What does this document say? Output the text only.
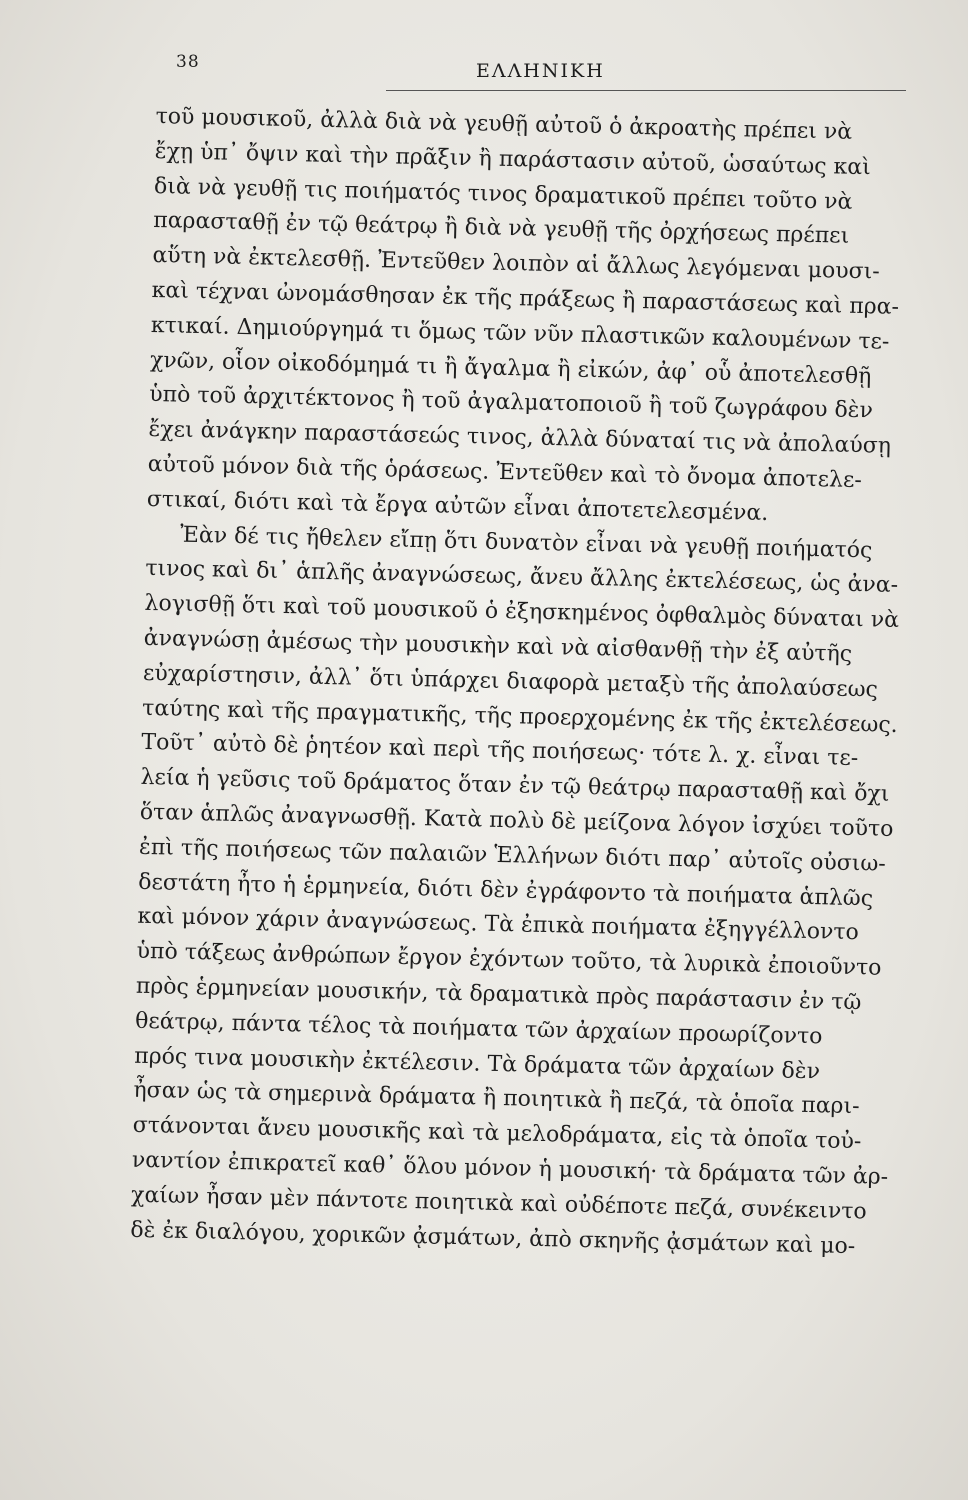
38	ΕΛΛΗΝΙΚΗ
τοῦ μουσικοῦ, ἀλλὰ διὰ νὰ γευθῇ αὐτοῦ ὁ ἀκροατὴς πρέπει νὰ
ἔχῃ ὑπ᾽ ὄψιν καὶ τὴν πρᾶξιν ἢ παράστασιν αὐτοῦ, ὡσαύτως καὶ
διὰ νὰ γευθῇ τις ποιήματός τινος δραματικοῦ πρέπει τοῦτο νὰ
παρασταθῇ ἐν τῷ θεάτρῳ ἢ διὰ νὰ γευθῇ τῆς ὀρχήσεως πρέπει
αὕτη νὰ ἐκτελεσθῇ. Ἐντεῦθεν λοιπὸν αἱ ἄλλως λεγόμεναι μουσι-
καὶ τέχναι ὠνομάσθησαν ἐκ τῆς πράξεως ἢ παραστάσεως καὶ πρα-
κτικαί. Δημιούργημά τι ὅμως τῶν νῦν πλαστικῶν καλουμένων τε-
χνῶν, οἷον οἰκοδόμημά τι ἢ ἄγαλμα ἢ εἰκών, ἀφ᾽ οὗ ἀποτελεσθῇ
ὑπὸ τοῦ ἀρχιτέκτονος ἢ τοῦ ἀγαλματοποιοῦ ἢ τοῦ ζωγράφου δὲν
ἔχει ἀνάγκην παραστάσεώς τινος, ἀλλὰ δύναταί τις νὰ ἀπολαύσῃ
αὐτοῦ μόνον διὰ τῆς ὁράσεως. Ἐντεῦθεν καὶ τὸ ὄνομα ἀποτελε-
στικαί, διότι καὶ τὰ ἔργα αὐτῶν εἶναι ἀποτετελεσμένα.
Ἐὰν δέ τις ἤθελεν εἴπῃ ὅτι δυνατὸν εἶναι νὰ γευθῇ ποιήματός
τινος καὶ δι᾽ ἁπλῆς ἀναγνώσεως, ἄνευ ἄλλης ἐκτελέσεως, ὡς ἀνα-
λογισθῇ ὅτι καὶ τοῦ μουσικοῦ ὁ ἐξησκημένος ὀφθαλμὸς δύναται νὰ
ἀναγνώσῃ ἀμέσως τὴν μουσικὴν καὶ νὰ αἰσθανθῇ τὴν ἐξ αὐτῆς
εὐχαρίστησιν, ἀλλ᾽ ὅτι ὑπάρχει διαφορὰ μεταξὺ τῆς ἀπολαύσεως
ταύτης καὶ τῆς πραγματικῆς, τῆς προερχομένης ἐκ τῆς ἐκτελέσεως.
Τοῦτ᾽ αὐτὸ δὲ ῥητέον καὶ περὶ τῆς ποιήσεως· τότε λ. χ. εἶναι τε-
λεία ἡ γεῦσις τοῦ δράματος ὅταν ἐν τῷ θεάτρῳ παρασταθῇ καὶ ὄχι
ὅταν ἁπλῶς ἀναγνωσθῇ. Κατὰ πολὺ δὲ μείζονα λόγον ἰσχύει τοῦτο
ἐπὶ τῆς ποιήσεως τῶν παλαιῶν Ἑλλήνων διότι παρ᾽ αὐτοῖς οὐσιω-
δεστάτη ἦτο ἡ ἑρμηνεία, διότι δὲν ἐγράφοντο τὰ ποιήματα ἁπλῶς
καὶ μόνον χάριν ἀναγνώσεως. Τὰ ἐπικὰ ποιήματα ἐξηγγέλλοντο
ὑπὸ τάξεως ἀνθρώπων ἔργον ἐχόντων τοῦτο, τὰ λυρικὰ ἐποιοῦντο
πρὸς ἑρμηνείαν μουσικήν, τὰ δραματικὰ πρὸς παράστασιν ἐν τῷ
θεάτρῳ, πάντα τέλος τὰ ποιήματα τῶν ἀρχαίων προωρίζοντο
πρός τινα μουσικὴν ἐκτέλεσιν. Τὰ δράματα τῶν ἀρχαίων δὲν
ἦσαν ὡς τὰ σημερινὰ δράματα ἢ ποιητικὰ ἢ πεζά, τὰ ὁποῖα παρι-
στάνονται ἄνευ μουσικῆς καὶ τὰ μελοδράματα, εἰς τὰ ὁποῖα τοὐ-
ναντίον ἐπικρατεῖ καθ᾽ ὅλου μόνον ἡ μουσική· τὰ δράματα τῶν ἀρ-
χαίων ἦσαν μὲν πάντοτε ποιητικὰ καὶ οὐδέποτε πεζά, συνέκειντο
δὲ ἐκ διαλόγου, χορικῶν ᾀσμάτων, ἀπὸ σκηνῆς ᾀσμάτων καὶ μο-
